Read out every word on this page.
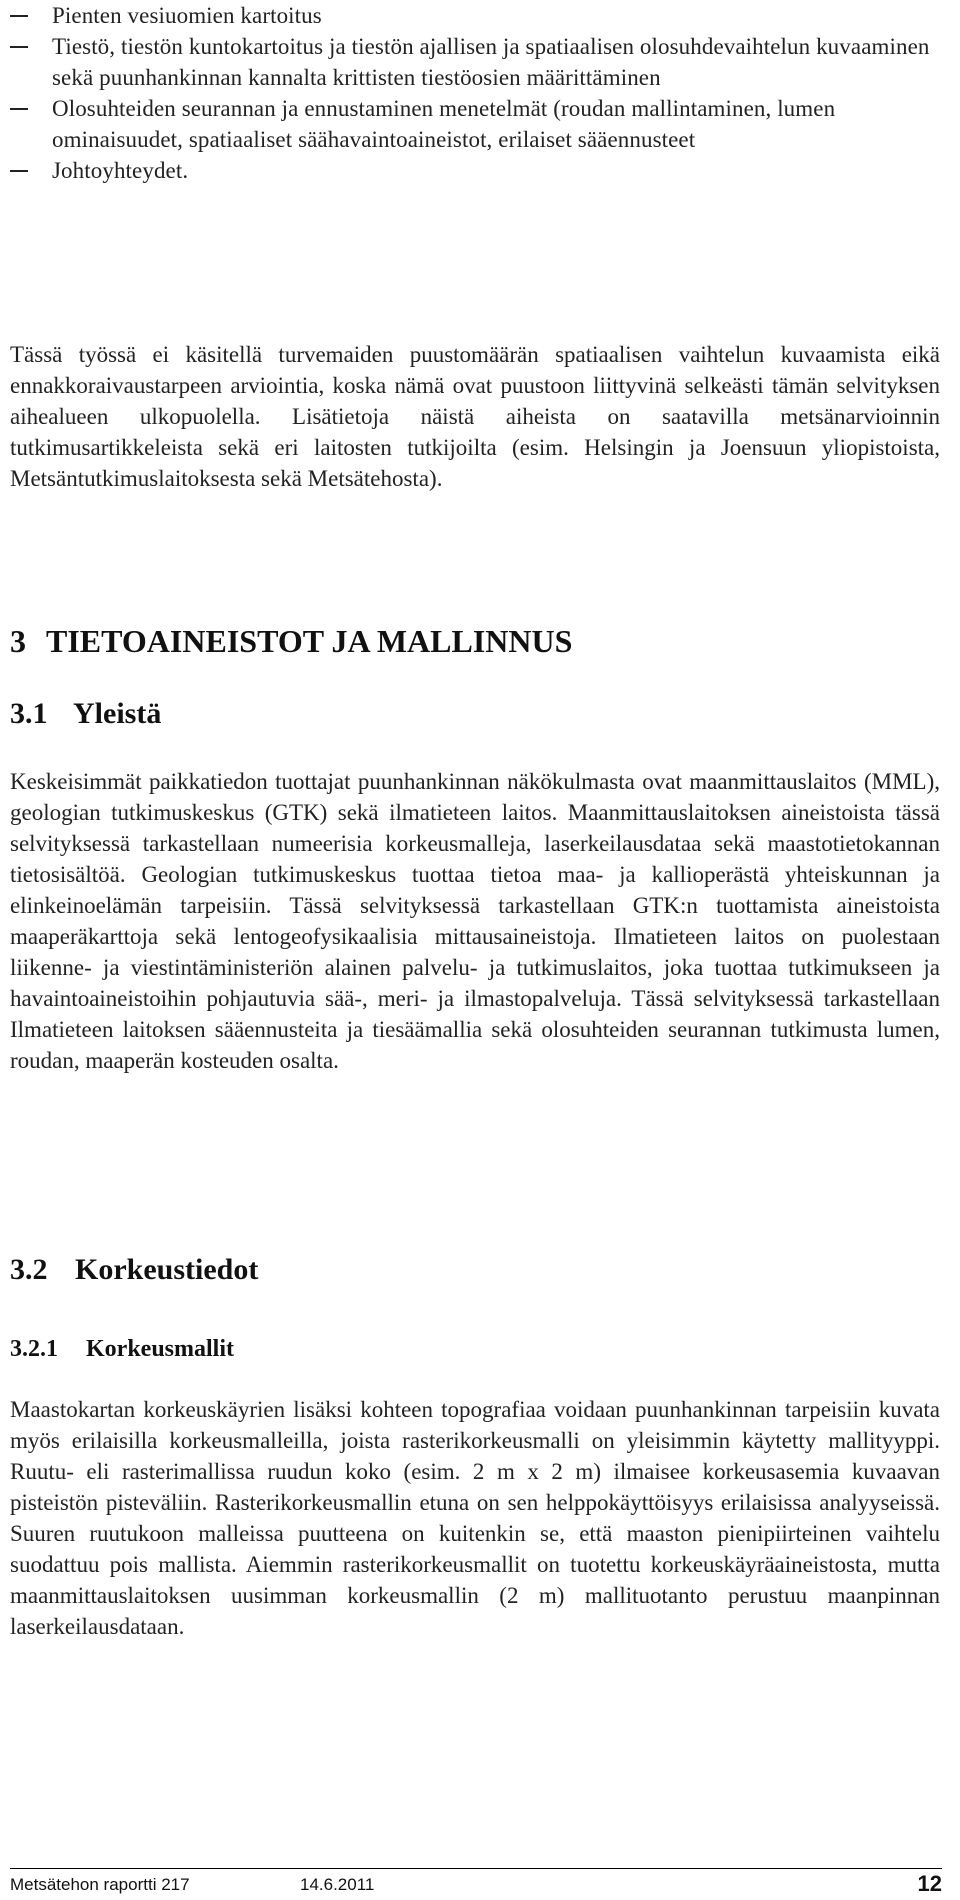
Pienten vesiuomien kartoitus
Tiestö, tiestön kuntokartoitus ja tiestön ajallisen ja spatiaalisen olosuhdevaihtelun kuvaaminen sekä puunhankinnan kannalta krittisten tiestöosien määrittäminen
Olosuhteiden seurannan ja ennustaminen menetelmät (roudan mallintaminen, lumen ominaisuudet, spatiaaliset säähavaintoaineistot, erilaiset sääennusteet
Johtoyhteydet.

Tässä työssä ei käsitellä turvemaiden puustomäärän spatiaalisen vaihtelun kuvaamista eikä ennakkoraivaustarpeen arviointia, koska nämä ovat puustoon liittyvinä selkeästi tämän selvityksen aihealueen ulkopuolella. Lisätietoja näistä aiheista on saatavilla metsänarvioinnin tutkimusartikkeleista sekä eri laitosten tutkijoilta (esim. Helsingin ja Joensuun yliopistoista, Metsäntutkimuslaitoksesta sekä Metsätehosta).

3 TIETOAINEISTOT JA MALLINNUS
3.1 Yleistä

Keskeisimmät paikkatiedon tuottajat puunhankinnan näkökulmasta ovat maanmittauslaitos (MML), geologian tutkimuskeskus (GTK) sekä ilmatieteen laitos. Maanmittauslaitoksen aineistoista tässä selvityksessä tarkastellaan numeerisia korkeusmalleja, laserkeilausdataa sekä maastotietokannan tietosisältöä. Geologian tutkimuskeskus tuottaa tietoa maa- ja kallioperästä yhteiskunnan ja elinkeinoelämän tarpeisiin. Tässä selvityksessä tarkastellaan GTK:n tuottamista aineistoista maaperäkarttoja sekä lentogeofysikaalisia mittausaineistoja. Ilmatieteen laitos on puolestaan liikenne- ja viestintäministeriön alainen palvelu- ja tutkimuslaitos, joka tuottaa tutkimukseen ja havaintoaineistoihin pohjautuvia sää-, meri- ja ilmastopalveluja. Tässä selvityksessä tarkastellaan Ilmatieteen laitoksen sääennusteita ja tiesäämallia sekä olosuhteiden seurannan tutkimusta lumen, roudan, maaperän kosteuden osalta.

3.2 Korkeustiedot
3.2.1 Korkeusmallit

Maastokartan korkeuskäyrien lisäksi kohteen topografiaa voidaan puunhankinnan tarpeisiin kuvata myös erilaisilla korkeusmalleilla, joista rasterikorkeusmalli on yleisimmin käytetty mallityyppi. Ruutu- eli rasterimallissa ruudun koko (esim. 2 m x 2 m) ilmaisee korkeusasemia kuvaavan pisteistön pisteväliin. Rasterikorkeusmallin etuna on sen helppokäyttöisyys erilaisissa analyyseissä. Suuren ruutukoon malleissa puutteena on kuitenkin se, että maaston pienipiirteinen vaihtelu suodattuu pois mallista. Aiemmin rasterikorkeusmallit on tuotettu korkeuskäyräaineistosta, mutta maanmittauslaitoksen uusimman korkeusmallin (2 m) mallituotanto perustuu maanpinnan laserkeilausdataan.

Metsätehon raportti 217	14.6.2011	12
